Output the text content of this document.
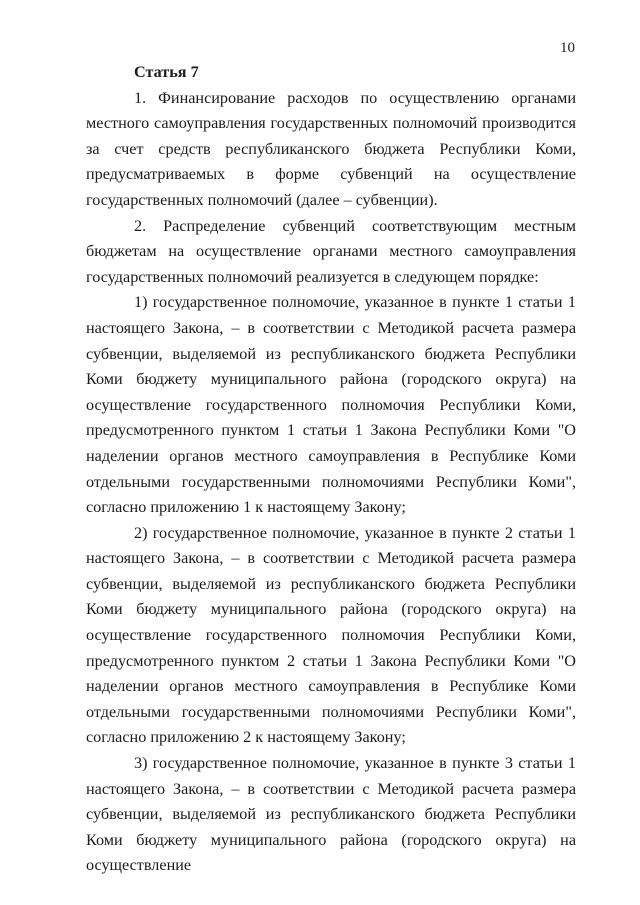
10

Статья 7

1. Финансирование расходов по осуществлению органами местного самоуправления государственных полномочий производится за счет средств республиканского бюджета Республики Коми, предусматриваемых в форме субвенций на осуществление государственных полномочий (далее – субвенции).

2. Распределение субвенций соответствующим местным бюджетам на осуществление органами местного самоуправления государственных полномочий реализуется в следующем порядке:

1) государственное полномочие, указанное в пункте 1 статьи 1 настоящего Закона, – в соответствии с Методикой расчета размера субвенции, выделяемой из республиканского бюджета Республики Коми бюджету муниципального района (городского округа) на осуществление государственного полномочия Республики Коми, предусмотренного пунктом 1 статьи 1 Закона Республики Коми "О наделении органов местного самоуправления в Республике Коми отдельными государственными полномочиями Республики Коми", согласно приложению 1 к настоящему Закону;

2) государственное полномочие, указанное в пункте 2 статьи 1 настоящего Закона, – в соответствии с Методикой расчета размера субвенции, выделяемой из республиканского бюджета Республики Коми бюджету муниципального района (городского округа) на осуществление государственного полномочия Республики Коми, предусмотренного пунктом 2 статьи 1 Закона Республики Коми "О наделении органов местного самоуправления в Республике Коми отдельными государственными полномочиями Республики Коми", согласно приложению 2 к настоящему Закону;

3) государственное полномочие, указанное в пункте 3 статьи 1 настоящего Закона, – в соответствии с Методикой расчета размера субвенции, выделяемой из республиканского бюджета Республики Коми бюджету муниципального района (городского округа) на осуществление
